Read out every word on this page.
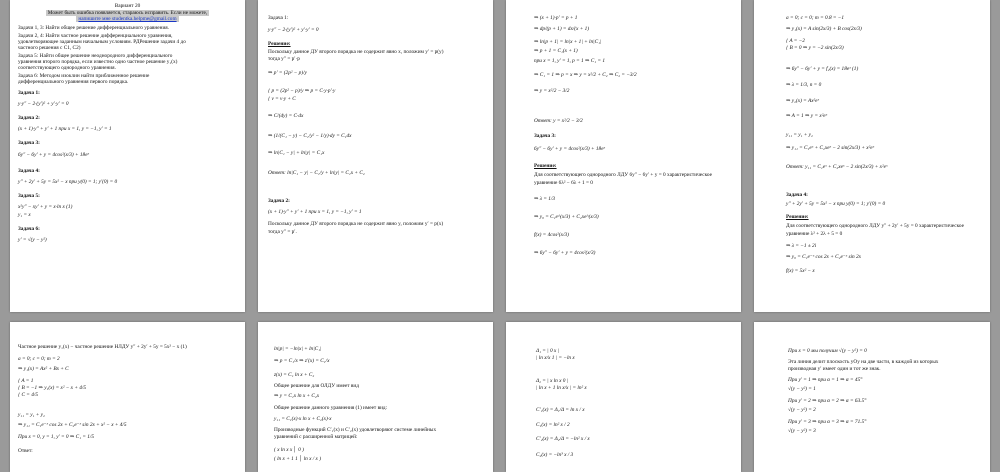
Вариант 20
Может быть ошибка появляется, стараюсь исправить. Если не можете,
напишите мне studentka.helpme@gmail.com
Задачи 1, 3: Найти общее решение дифференциального уравнения.
Задачи 2, 4: Найти частное решение дифференциального уравнения,
удовлетворяющее заданным начальным условиям. РДРешение задачи 4 до
частного решения с С1, С2)
Задача 5: Найти общее решение неоднородного дифференциального
уравнения второго порядка, если известно одно частное решение y₁(x)
соответствующего однородного уравнения.
Задача 6: Методом изоклин найти приближенное решение
дифференциального уравнения первого порядка.
Задача 1:
y·y″ − 2·(y′)² + y′·y′ = 0
Задача 2:
(x + 1)·y″ + y′ + 1 при x = 1, y = −1, y′ = 1
Задача 3:
6y″ − 6y′ + y = 4cos²(x/3) + 18eˣ
Задача 4:
y″ + 2y′ + 5y = 5x² − x при y(0) = 1; y′(0) = 0
Задача 5:
x²y″ − xy′ + y = x·ln x (1)
y₁ = x
Задача 6:
y′ = √(y − y²)
Задача 1:
y·y″ − 2·(y′)² + y′·y′ = 0
Решение:
Поскольку данное ДУ второго порядка не содержит явно x, положим y′ = p(y)
тогда y″ = p′·p
⇒ p′ = (2p² − p)/y
{ p = (2p² − p)/y ⇒ p = C·y·p′·y
{ v = v·y + C
⇒ C/(dy) = C·dx
⇒ (1/(C₁ − y) − C₁/y² − 1/y)·dy = C₁dx
⇒ ln|C₁ − y| + ln|y| = C₁x
Ответ: ln|C₁ − y| − C₁/y + ln|y| = C₁x + C₂
Задача 2:
(x + 1)·y″ + y′ + 1 при x = 1, y = −1, y′ = 1
Поскольку данное ДУ второго порядка не содержит явно y, положим y′ = p(x)
тогда y″ = p′.
⇒ (x + 1)·p′ = p + 1
⇒ dp/(p + 1) = dx/(x + 1)
⇒ ln|p + 1| = ln|x + 1| + ln|C₁|
⇒ p + 1 = C₁(x + 1)
при x = 1, y′ = 1, p = 1 ⇒ C₁ = 1
⇒ C₁ = 1 ⇒ p = x ⇒ y = x²/2 + C₂ ⇒ C₂ = −3/2
⇒ y = x²/2 − 3/2
Ответ: y = x²/2 − 3/2
Задача 3:
6y″ − 6y′ + y = 4cos²(x/3) + 18eˣ
Решение:
Для соответствующего однородного ЛДУ 6y″ − 6y′ + y = 0 характеристическое
уравнение 6λ² − 6λ + 1 = 0
⇒ λ = 1/3
⇒ y₀ = C₁e^(x/3) + C₂xe^(x/3)
f(x) = 4cos²(x/3)
⇒ 6y″ − 6y′ + y = 4cos²(x/3)
a = 0; c = 0; m = 0.8 = −1
⇒ y₁(x) = A sin(2x/3) + B cos(2x/3)
{ A = −2
{ B = 0 ⇒ y = −2 sin(2x/3)
⇒ 6y″ − 6y′ + y = f₂(x) = 18eˣ (1)
⇒ λ = 1/3, n = 0
⇒ y₂(x) = Ax²eˣ
⇒ A = 1 ⇒ y = x²eˣ
y₁₁ = y₁ + y₂
⇒ y₁₁ = C₁eˣ + C₂xeˣ − 2 sin(2x/3) + x²eˣ
Ответ: y₁₁ = C₁eˣ + C₂xeˣ − 2 sin(2x/3) + x²eˣ
Задача 4:
y″ + 2y′ + 5y = 5x² − x при y(0) = 1; y′(0) = 0
Решение:
Для соответствующего однородного ЛДУ y″ + 2y′ + 5y = 0 характеристическое
уравнение λ² + 2λ + 5 = 0
⇒ λ = −1 ± 2i
⇒ y₀ = C₁e⁻ˣ cos 2x + C₂e⁻ˣ sin 2x
f(x) = 5x² − x
Частное решение y₁(x) − частное решение НЛДУ y″ + 2y′ + 5y = 5x² − x (1)
a = 0; c = 0; m = 2
⇒ y₁(x) = Ax² + Bx + C
{ A = 1
{ B = −1 ⇒ y₁(x) = x² − x + 4/5
{ C = 4/5
y₁₁ = y₁ + y₂
⇒ y₁₁ = C₁e⁻ˣ cos 2x + C₂e⁻ˣ sin 2x + x² − x + 4/5
При x = 0, y = 1, y′ = 0 ⇒ C₁ = 1/5
Ответ:
ln|p| = −ln|x| + ln|C₁|
⇒ p = C₁/x ⇒ z′(x) = C₁/x
z(x) = C₁ ln x + C₂
Общее решение для ОЛДУ имеет вид
⇒ y = C₁x ln x + C₂x
Общее решение данного уравнения (1) имеет вид:
y₁₁ = C₁(x)·x ln x + C₂(x)·x
Производные функций C′₁(x) и C′₂(x) удовлетворяют системе линейных
уравнений с расширенной матрицей:
( x ln x x │ 0 )
( ln x + 1 1 │ ln x / x )
Δ₁ = | 0 x |
| ln x/x 1 | = −ln x
Δ₂ = | x ln x 0 |
| ln x + 1 ln x/x | = ln² x
C′₁(x) = Δ₁/Δ = ln x / x
C₁(x) = ln² x / 2
C′₂(x) = Δ₂/Δ = −ln² x / x
C₂(x) = −ln³ x / 3
При x = 0 мы получим √(y − y²) = 0
Эта линия делит плоскость yOy на две части, в каждой из которых
производная y′ имеет один и тот же знак.
При y′ = 1 ⇒ при α = 1 ⇒ α = 45°
√(y − y²) = 1
При y′ = 2 ⇒ при α = 2 ⇒ α = 63.5°
√(y − y²) = 2
При y′ = 3 ⇒ при α = 3 ⇒ α = 71.5°
√(y − y²) = 3
